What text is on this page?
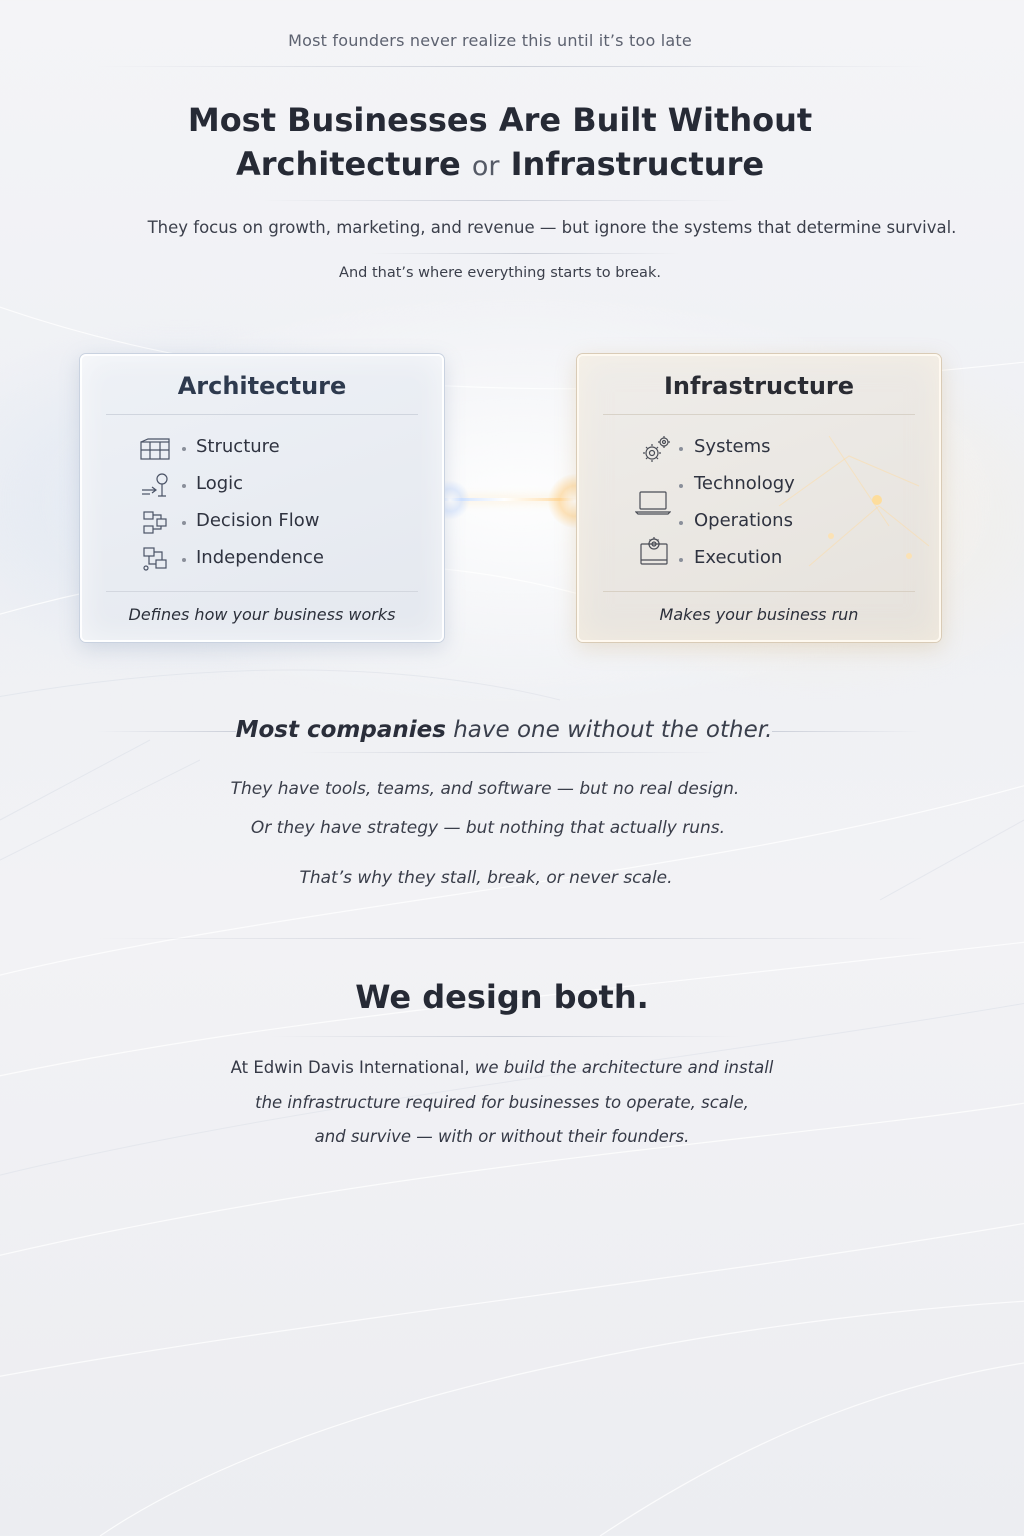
Most founders never realize this until it’s too late
Most Businesses Are Built Without
Architecture or Infrastructure
They focus on growth, marketing, and revenue — but ignore the systems that determine survival.
And that’s where everything starts to break.
Architecture
Structure
Logic
Decision Flow
Independence
Defines how your business works
Infrastructure
Systems
Technology
Operations
Execution
Makes your business run
Most companies have one without the other.
They have tools, teams, and software — but no real design.
Or they have strategy — but nothing that actually runs.
That’s why they stall, break, or never scale.
We design both.
At Edwin Davis International, we build the architecture and install
the infrastructure required for businesses to operate, scale,
and survive — with or without their founders.
